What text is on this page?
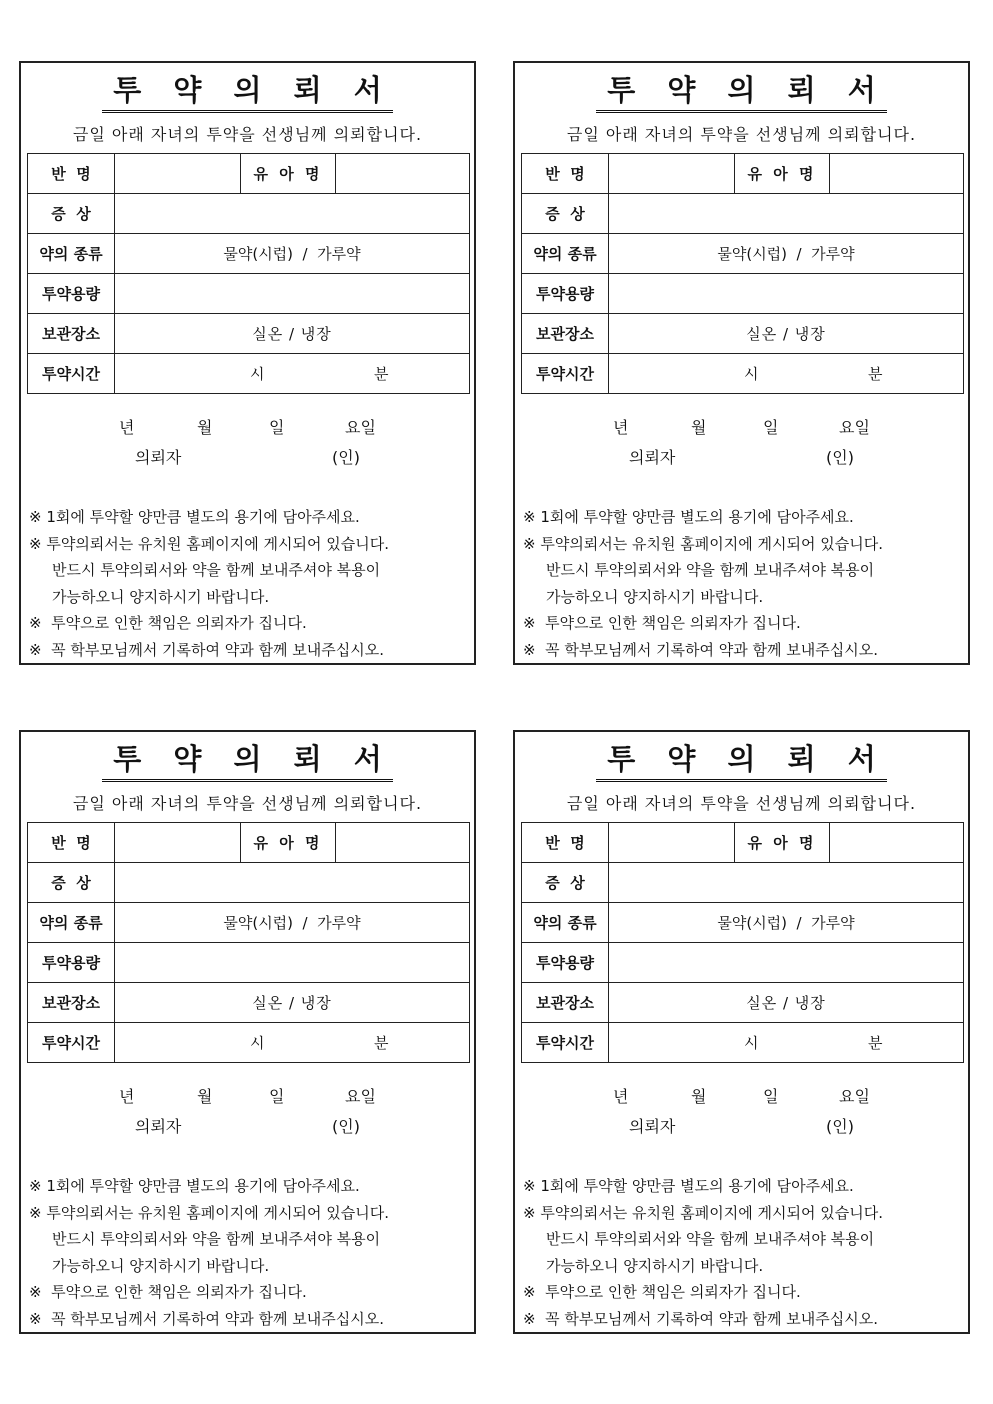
투 약 의 뢰 서
금일 아래 자녀의 투약을 선생님께 의뢰합니다.
반  명		유 아 명	
증  상			
약의 종류	물약(시럽)  /  가루약		
투약용량			
보관장소	실온 / 냉장		
투약시간	시 분		
년	월	일	요일
의뢰자	(인)
※ 1회에 투약할 양만큼 별도의 용기에 담아주세요.
※ 투약의뢰서는 유치원 홈페이지에 게시되어 있습니다.
반드시 투약의뢰서와 약을 함께 보내주셔야 복용이
가능하오니 양지하시기 바랍니다.
※  투약으로 인한 책임은 의뢰자가 집니다.
※  꼭 학부모님께서 기록하여 약과 함께 보내주십시오.
투 약 의 뢰 서
금일 아래 자녀의 투약을 선생님께 의뢰합니다.
반  명		유 아 명	
증  상			
약의 종류	물약(시럽)  /  가루약		
투약용량			
보관장소	실온 / 냉장		
투약시간	시 분		
년	월	일	요일
의뢰자	(인)
※ 1회에 투약할 양만큼 별도의 용기에 담아주세요.
※ 투약의뢰서는 유치원 홈페이지에 게시되어 있습니다.
반드시 투약의뢰서와 약을 함께 보내주셔야 복용이
가능하오니 양지하시기 바랍니다.
※  투약으로 인한 책임은 의뢰자가 집니다.
※  꼭 학부모님께서 기록하여 약과 함께 보내주십시오.
투 약 의 뢰 서
금일 아래 자녀의 투약을 선생님께 의뢰합니다.
반  명		유 아 명	
증  상			
약의 종류	물약(시럽)  /  가루약		
투약용량			
보관장소	실온 / 냉장		
투약시간	시 분		
년	월	일	요일
의뢰자	(인)
※ 1회에 투약할 양만큼 별도의 용기에 담아주세요.
※ 투약의뢰서는 유치원 홈페이지에 게시되어 있습니다.
반드시 투약의뢰서와 약을 함께 보내주셔야 복용이
가능하오니 양지하시기 바랍니다.
※  투약으로 인한 책임은 의뢰자가 집니다.
※  꼭 학부모님께서 기록하여 약과 함께 보내주십시오.
투 약 의 뢰 서
금일 아래 자녀의 투약을 선생님께 의뢰합니다.
반  명		유 아 명	
증  상			
약의 종류	물약(시럽)  /  가루약		
투약용량			
보관장소	실온 / 냉장		
투약시간	시 분		
년	월	일	요일
의뢰자	(인)
※ 1회에 투약할 양만큼 별도의 용기에 담아주세요.
※ 투약의뢰서는 유치원 홈페이지에 게시되어 있습니다.
반드시 투약의뢰서와 약을 함께 보내주셔야 복용이
가능하오니 양지하시기 바랍니다.
※  투약으로 인한 책임은 의뢰자가 집니다.
※  꼭 학부모님께서 기록하여 약과 함께 보내주십시오.
